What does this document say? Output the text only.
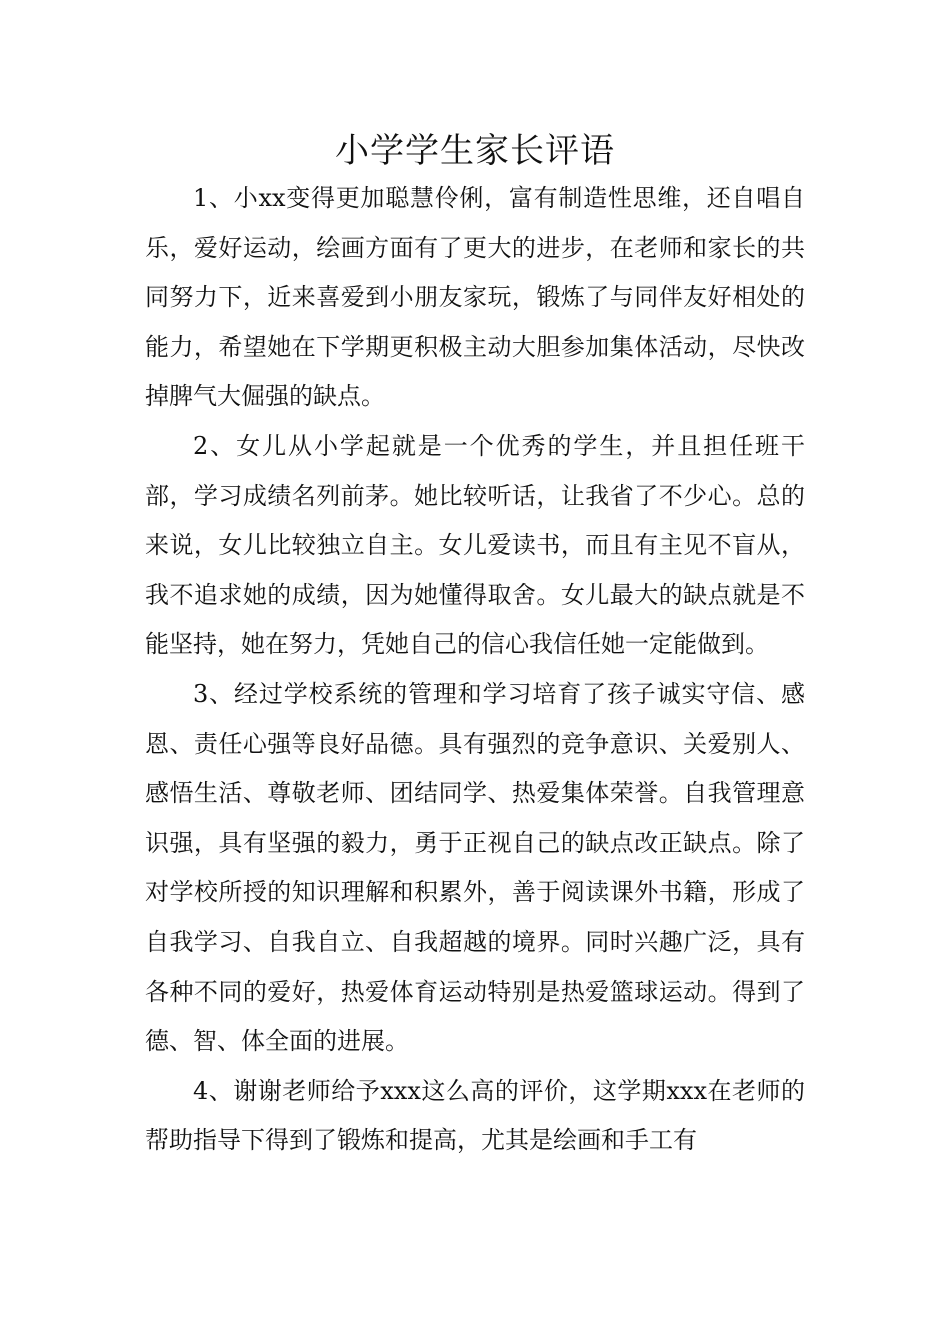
小学学生家长评语

1、小xx变得更加聪慧伶俐，富有制造性思维，还自唱自乐，爱好运动，绘画方面有了更大的进步，在老师和家长的共同努力下，近来喜爱到小朋友家玩，锻炼了与同伴友好相处的能力，希望她在下学期更积极主动大胆参加集体活动，尽快改掉脾气大倔强的缺点。

2、女儿从小学起就是一个优秀的学生，并且担任班干部，学习成绩名列前茅。她比较听话，让我省了不少心。总的来说，女儿比较独立自主。女儿爱读书，而且有主见不盲从，我不追求她的成绩，因为她懂得取舍。女儿最大的缺点就是不能坚持，她在努力，凭她自己的信心我信任她一定能做到。

3、经过学校系统的管理和学习培育了孩子诚实守信、感恩、责任心强等良好品德。具有强烈的竞争意识、关爱别人、感悟生活、尊敬老师、团结同学、热爱集体荣誉。自我管理意识强，具有坚强的毅力，勇于正视自己的缺点改正缺点。除了对学校所授的知识理解和积累外，善于阅读课外书籍，形成了自我学习、自我自立、自我超越的境界。同时兴趣广泛，具有各种不同的爱好，热爱体育运动特别是热爱篮球运动。得到了德、智、体全面的进展。

4、谢谢老师给予xxx这么高的评价，这学期xxx在老师的帮助指导下得到了锻炼和提高，尤其是绘画和手工有
